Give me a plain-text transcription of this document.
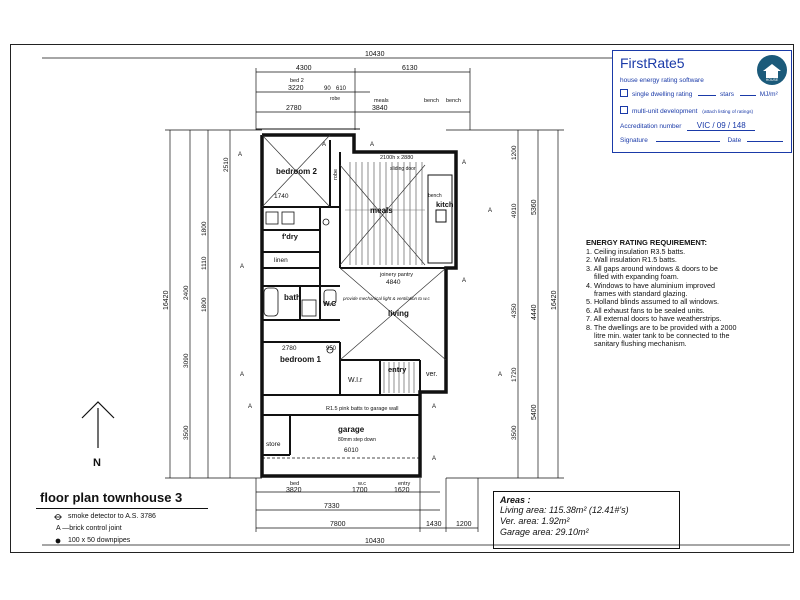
10430
4300	6130
bed 2
3220	90 610
robe
2780
meals
3840
bench bench
16420
2510
1800
1110
2400
1800
3090
3500
1200
4910
4350
1720
3500
5360
4440
5400
16420
bed
3820
w.c
1700
entry
1620
7330
7800	1430 1200
10430
bedroom 2	robe
meals
kitch
f'dry
linen
bath
W.C
living
bedroom 1
W.I.r
entry
ver.
garage
store
joinery pantry
4840
provide mechanical light & ventilation to w.c
R1.5 pink batts to garage wall
80mm step down
6010
2100h x 2880
sliding door
bench
2780
1740
950
A
A
A
A
A
A
A
A
A
A
A
A
N
floor plan townhouse 3
smoke detector to A.S. 3786
A —brick control joint
100 x 50 downpipes
FirstRate5
HOUSE
house energy rating software
single dwelling rating	stars	MJ/m²
multi-unit development (attach listing of ratings)
Accreditation number VIC / 09 / 148
Signature	Date
ENERGY RATING REQUIREMENT:
1. Ceiling insulation R3.5 batts.
2. Wall insulation R1.5 batts.
3. All gaps around windows & doors to be
filled with expanding foam.
4. Windows to have aluminium improved
frames with standard glazing.
5. Holland blinds assumed to all windows.
6. All exhaust fans to be sealed units.
7. All external doors to have weatherstrips.
8. The dwellings are to be provided with a 2000
litre min. water tank to be connected to the
sanitary flushing mechanism.
Areas :
Living area: 115.38m² (12.41#'s)
Ver. area: 1.92m²
Garage area: 29.10m²
